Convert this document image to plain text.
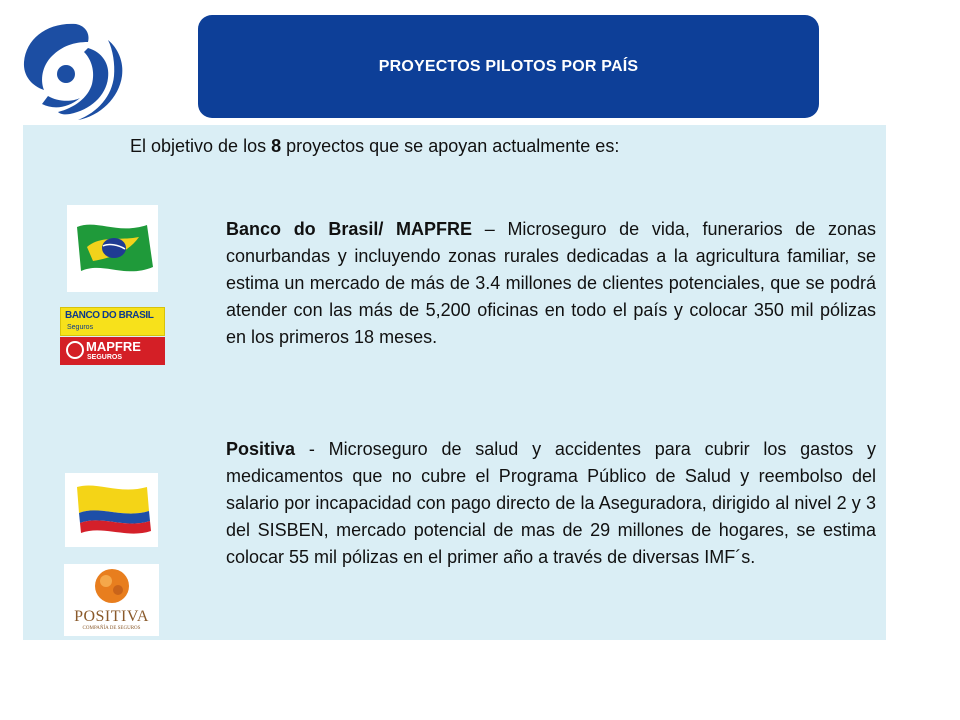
PROYECTOS PILOTOS POR PAÍS
El objetivo de los 8 proyectos que se apoyan actualmente es:
BANCO DO BRASIL
Seguros
MAPFRE
SEGUROS
Banco do Brasil/ MAPFRE – Microseguro de vida, funerarios de zonas conurbandas y incluyendo zonas rurales dedicadas a la agricultura familiar, se estima un mercado de más de 3.4 millones de clientes potenciales, que se podrá atender con las más de 5,200 oficinas en todo el país y colocar 350 mil pólizas en los primeros 18 meses.
POSITIVA
COMPAÑÍA DE SEGUROS
Positiva - Microseguro de salud y accidentes para cubrir los gastos y medicamentos que no cubre el Programa Público de Salud y reembolso del salario por incapacidad con pago directo de la Aseguradora, dirigido al nivel 2 y 3 del SISBEN, mercado potencial de mas de 29 millones de hogares, se estima colocar 55 mil pólizas en el primer año a través de diversas IMF´s.
